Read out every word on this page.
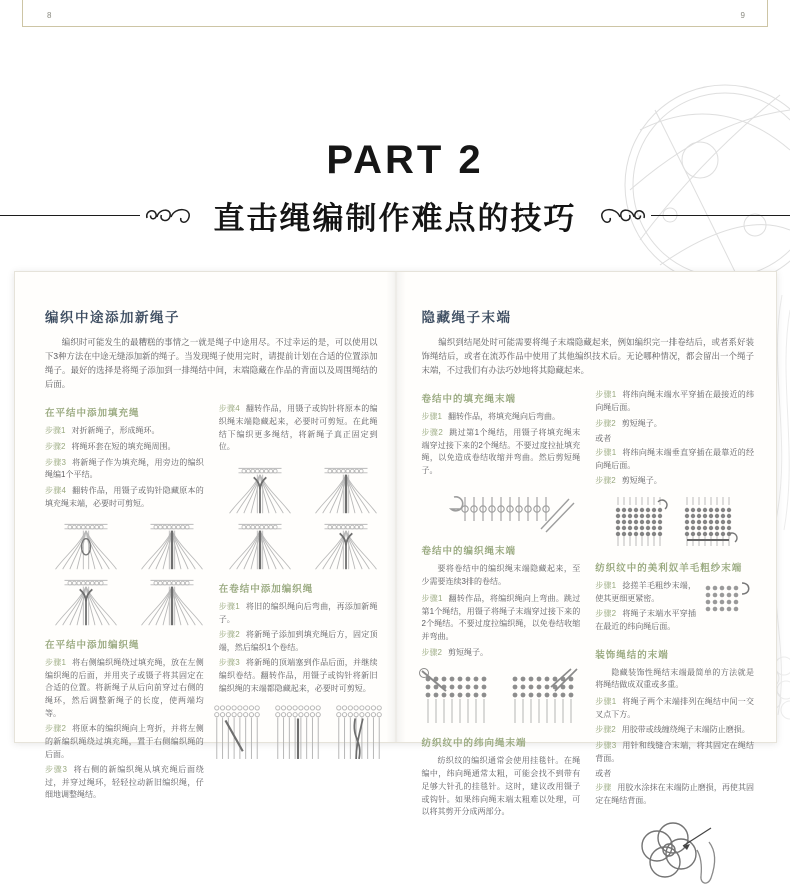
8	9
PART 2
直击绳编制作难点的技巧
编织中途添加新绳子

编织时可能发生的最糟糕的事情之一就是绳子中途用尽。不过幸运的是，可以使用以下3种方法在中途无缝添加新的绳子。当发现绳子使用完时，请提前计划在合适的位置添加绳子。最好的选择是将绳子添加到一排绳结中间，末端隐藏在作品的背面以及周围绳结的后面。

在平结中添加填充绳

步骤1 对折新绳子，形成绳环。

步骤2 将绳环套在短的填充绳周围。

步骤3 将新绳子作为填充绳，用旁边的编织绳编1个平结。

步骤4 翻转作品，用镊子或钩针隐藏原本的填充绳末端，必要时可剪短。

在平结中添加编织绳

步骤1 将右侧编织绳绕过填充绳，放在左侧编织绳的后面，并用夹子或镊子将其固定在合适的位置。将新绳子从后向前穿过右侧的绳环，然后调整新绳子的长度，使两端均等。

步骤2 将原本的编织绳向上弯折，并将左侧的新编织绳绕过填充绳，置于右侧编织绳的后面。

步骤3 将右侧的新编织绳从填充绳后面绕过，并穿过绳环，轻轻拉动新旧编织绳，仔细地调整绳结。

步骤4 翻转作品，用镊子或钩针将原本的编织绳末端隐藏起来，必要时可剪短。在此绳结下编织更多绳结，将新绳子真正固定到位。

在卷结中添加编织绳

步骤1 将旧的编织绳向后弯曲，再添加新绳子。

步骤2 将新绳子添加到填充绳后方，固定顶端，然后编织1个卷结。

步骤3 将新绳的顶端塞到作品后面，并继续编织卷结。翻转作品，用镊子或钩针将新旧编织绳的末端都隐藏起来，必要时可剪短。

隐藏绳子末端

编织到结尾处时可能需要将绳子末端隐藏起来，例如编织完一排卷结后，或者系好装饰绳结后，或者在流苏作品中使用了其他编织技术后。无论哪种情况，都会留出一个绳子末端，不过我们有办法巧妙地将其隐藏起来。

卷结中的填充绳末端

步骤1 翻转作品，将填充绳向后弯曲。

步骤2 跳过第1个绳结，用镊子将填充绳末端穿过接下来的2个绳结。不要过度拉扯填充绳，以免造成卷结收缩并弯曲。然后剪短绳子。

卷结中的编织绳末端

要将卷结中的编织绳末端隐藏起来，至少需要连续3排的卷结。

步骤1 翻转作品，将编织绳向上弯曲。跳过第1个绳结，用镊子将绳子末端穿过接下来的2个绳结。不要过度拉编织绳，以免卷结收缩并弯曲。

步骤2 剪短绳子。

纺织纹中的纬向绳末端

纺织纹的编织通常会使用挂毯针。在绳编中，纬向绳通常太粗，可能会找不到带有足够大针孔的挂毯针。这时，建议改用镊子或钩针。如果纬向绳末端太粗难以处理，可以将其剪开分成两部分。

步骤1 将纬向绳末端水平穿插在最接近的纬向绳后面。

步骤2 剪短绳子。

或者

步骤1 将纬向绳末端垂直穿插在最靠近的经向绳后面。

步骤2 剪短绳子。

纺织纹中的美利奴羊毛粗纱末端

步骤1 捻搓羊毛粗纱末端，使其更细更紧密。

步骤2 将绳子末端水平穿插在最近的纬向绳后面。

装饰绳结的末端

隐藏装饰性绳结末端最简单的方法就是将绳结做成双重或多重。

步骤1 将绳子两个末端排列在绳结中间一交叉点下方。

步骤2 用胶带或线缠绕绳子末端防止磨损。

步骤3 用针和线缝合末端，将其固定在绳结背面。

或者

步骤 用胶水涂抹在末端防止磨损，再使其固定在绳结背面。
